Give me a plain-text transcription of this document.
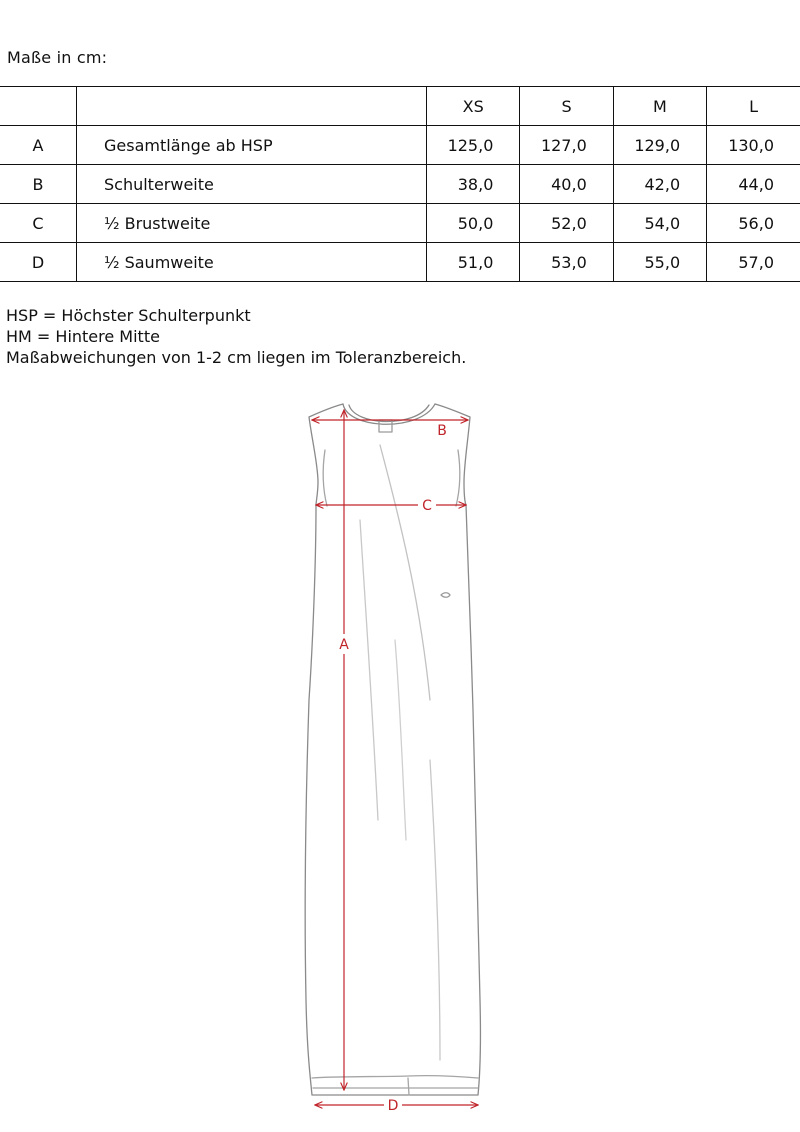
Maße in cm:
		XS	S	M	L
A	Gesamtlänge ab HSP	125,0	127,0	129,0	130,0
B	Schulterweite	38,0	40,0	42,0	44,0
C	½ Brustweite	50,0	52,0	54,0	56,0
D	½ Saumweite	51,0	53,0	55,0	57,0
HSP = Höchster Schulterpunkt
HM = Hintere Mitte
Maßabweichungen von 1-2 cm liegen im Toleranzbereich.
B
C
A
D
